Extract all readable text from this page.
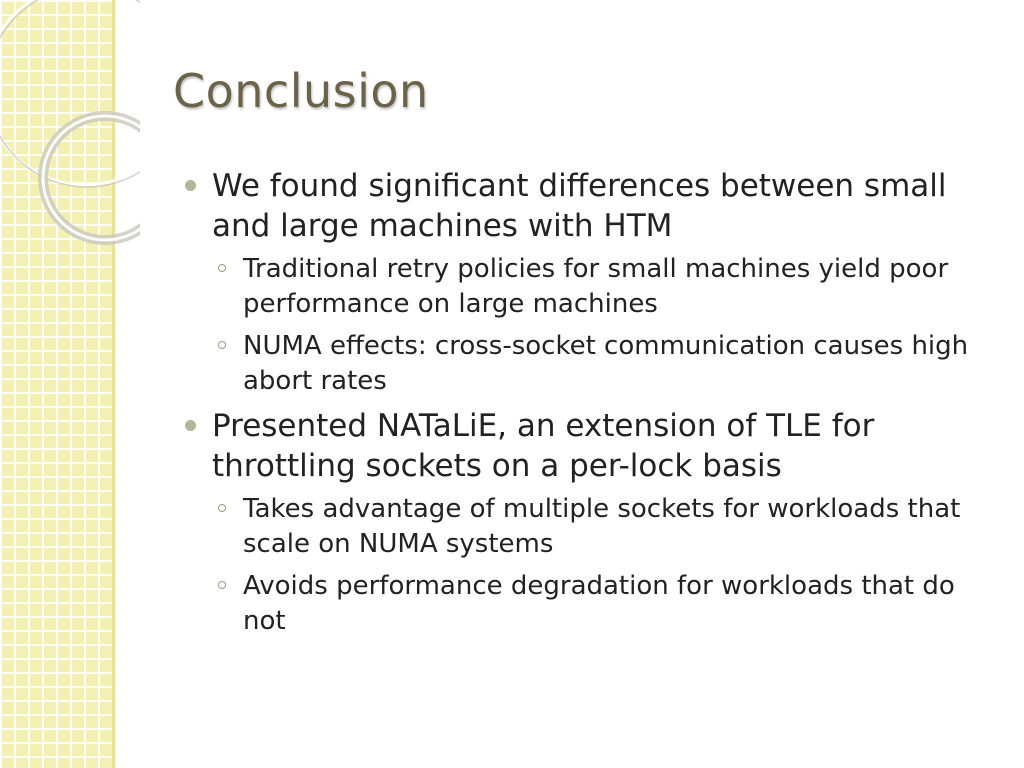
Conclusion
We found significant differences between small and large machines with HTM
Traditional retry policies for small machines yield poor performance on large machines
NUMA effects: cross-socket communication causes high abort rates
Presented NATaLiE, an extension of TLE for throttling sockets on a per-lock basis
Takes advantage of multiple sockets for workloads that scale on NUMA systems
Avoids performance degradation for workloads that do not
